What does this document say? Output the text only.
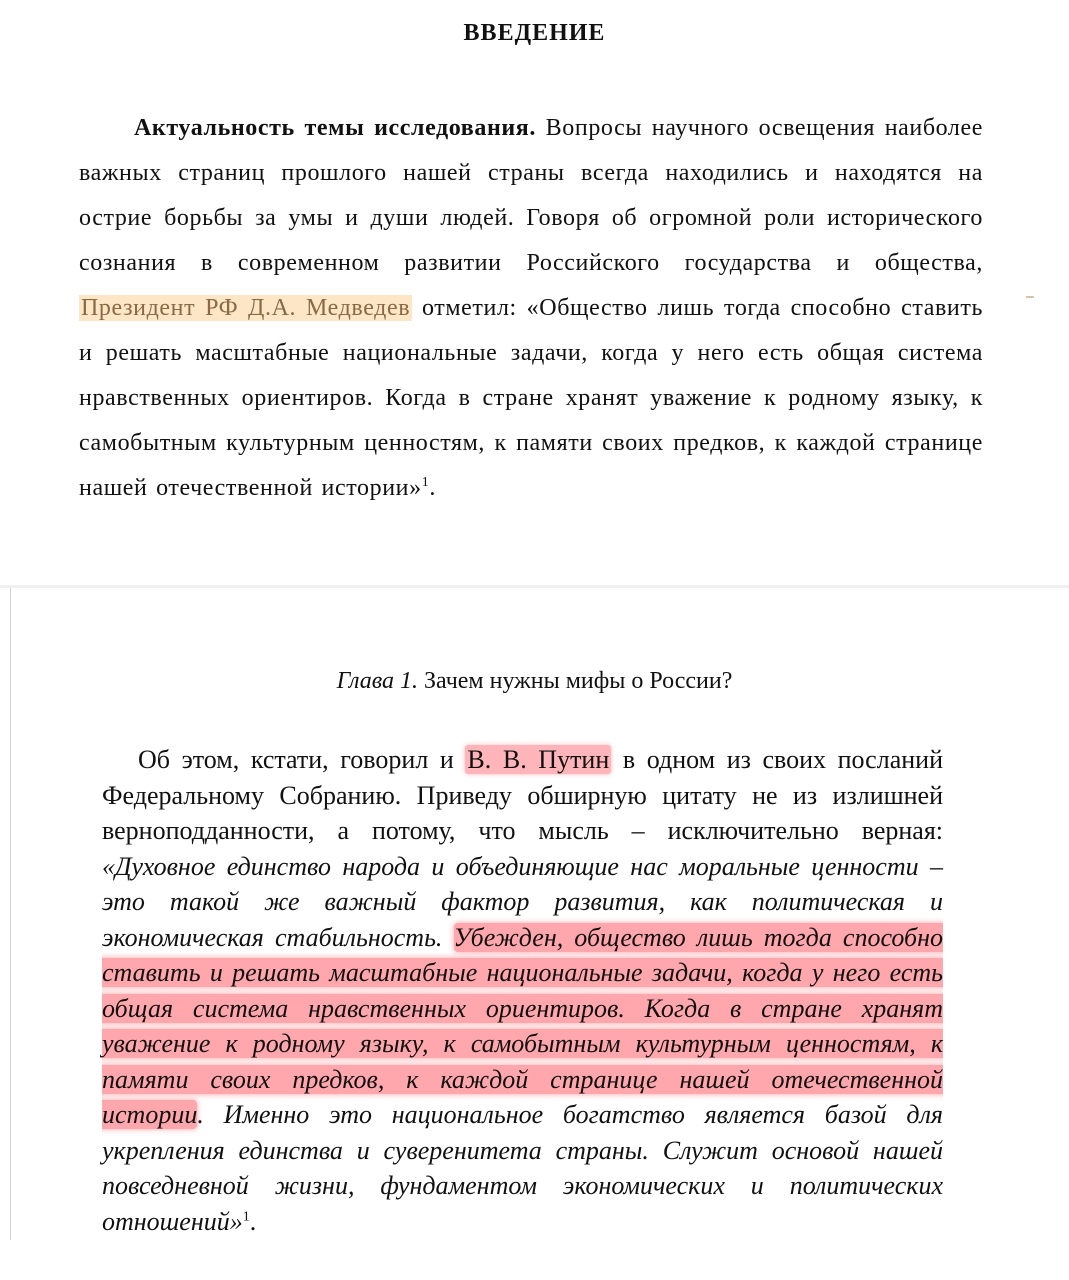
ВВЕДЕНИЕ
Актуальность темы исследования. Вопросы научного освещения наиболее важных страниц прошлого нашей страны всегда находились и находятся на острие борьбы за умы и души людей. Говоря об огромной роли исторического сознания в современном развитии Российского государства и общества, Президент РФ Д.А. Медведев отметил: «Общество лишь тогда способно ставить и решать масштабные национальные задачи, когда у него есть общая система нравственных ориентиров. Когда в стране хранят уважение к родному языку, к самобытным культурным ценностям, к памяти своих предков, к каждой странице нашей отечественной истории»$^1$.
Глава 1. Зачем нужны мифы о России?
Об этом, кстати, говорил и В. В. Путин в одном из своих посланий Федеральному Собранию. Приведу обширную цитату не из излишней верноподданности, а потому, что мысль – исключительно верная: «Духовное единство народа и объединяющие нас моральные ценности – это такой же важный фактор развития, как политическая и экономическая стабильность. Убежден, общество лишь тогда способно ставить и решать масштабные национальные задачи, когда у него есть общая система нравственных ориентиров. Когда в стране хранят уважение к родному языку, к самобытным культурным ценностям, к памяти своих предков, к каждой странице нашей отечественной истории. Именно это национальное богатство является базой для укрепления единства и суверенитета страны. Служит основой нашей повседневной жизни, фундаментом экономических и политических отношений»$^1$.
